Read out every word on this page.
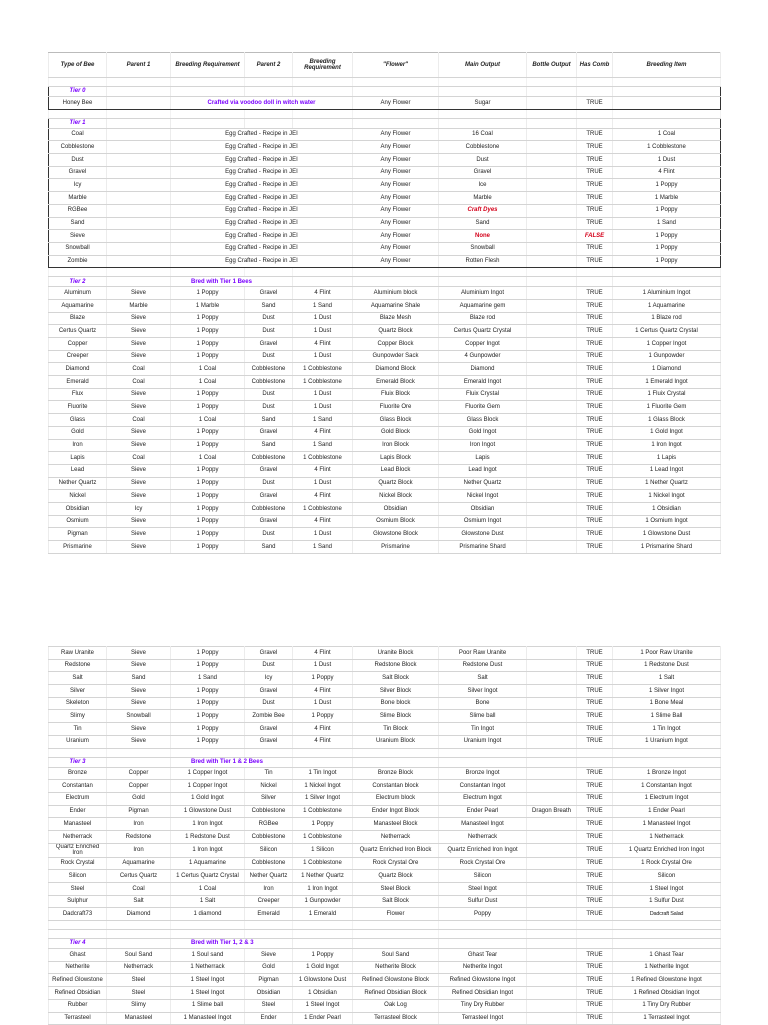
Type of Bee	Parent 1	Breeding Requirement	Parent 2	Breeding Requirement	"Flower"	Main Output	Bottle Output	Has Comb	Breeding Item

Tier 0									
Honey Bee		Crafted via voodoo doll in witch water			Any Flower	Sugar		TRUE	

Tier 1									
Coal		Egg Crafted - Recipe in JEI			Any Flower	16 Coal		TRUE	1 Coal
Cobblestone		Egg Crafted - Recipe in JEI			Any Flower	Cobblestone		TRUE	1 Cobblestone
Dust		Egg Crafted - Recipe in JEI			Any Flower	Dust		TRUE	1 Dust
Gravel		Egg Crafted - Recipe in JEI			Any Flower	Gravel		TRUE	4 Flint
Icy		Egg Crafted - Recipe in JEI			Any Flower	Ice		TRUE	1 Poppy
Marble		Egg Crafted - Recipe in JEI			Any Flower	Marble		TRUE	1 Marble
RGBee		Egg Crafted - Recipe in JEI			Any Flower	Craft Dyes		TRUE	1 Poppy
Sand		Egg Crafted - Recipe in JEI			Any Flower	Sand		TRUE	1 Sand
Sieve		Egg Crafted - Recipe in JEI			Any Flower	None		FALSE	1 Poppy
Snowball		Egg Crafted - Recipe in JEI			Any Flower	Snowball		TRUE	1 Poppy
Zombie		Egg Crafted - Recipe in JEI			Any Flower	Rotten Flesh		TRUE	1 Poppy

Tier 2		Bred with Tier 1 Bees							
Aluminum	Sieve	1 Poppy	Gravel	4 Flint	Aluminium block	Aluminium Ingot		TRUE	1 Aluminium Ingot
Aquamarine	Marble	1 Marble	Sand	1 Sand	Aquamarine Shale	Aquamarine gem		TRUE	1 Aquamarine
Blaze	Sieve	1 Poppy	Dust	1 Dust	Blaze Mesh	Blaze rod		TRUE	1 Blaze rod
Certus Quartz	Sieve	1 Poppy	Dust	1 Dust	Quartz Block	Certus Quartz Crystal		TRUE	1 Certus Quartz Crystal
Copper	Sieve	1 Poppy	Gravel	4 Flint	Copper Block	Copper Ingot		TRUE	1 Copper Ingot
Creeper	Sieve	1 Poppy	Dust	1 Dust	Gunpowder Sack	4 Gunpowder		TRUE	1 Gunpowder
Diamond	Coal	1 Coal	Cobblestone	1 Cobblestone	Diamond Block	Diamond		TRUE	1 Diamond
Emerald	Coal	1 Coal	Cobblestone	1 Cobblestone	Emerald Block	Emerald Ingot		TRUE	1 Emerald Ingot
Flux	Sieve	1 Poppy	Dust	1 Dust	Fluix Block	Fluix Crystal		TRUE	1 Fluix Crystal
Fluorite	Sieve	1 Poppy	Dust	1 Dust	Fluorite Ore	Fluorite Gem		TRUE	1 Fluorite Gem
Glass	Coal	1 Coal	Sand	1 Sand	Glass Block	Glass Block		TRUE	1 Glass Block
Gold	Sieve	1 Poppy	Gravel	4 Flint	Gold Block	Gold Ingot		TRUE	1 Gold Ingot
Iron	Sieve	1 Poppy	Sand	1 Sand	Iron Block	Iron Ingot		TRUE	1 Iron Ingot
Lapis	Coal	1 Coal	Cobblestone	1 Cobblestone	Lapis Block	Lapis		TRUE	1 Lapis
Lead	Sieve	1 Poppy	Gravel	4 Flint	Lead Block	Lead Ingot		TRUE	1 Lead Ingot
Nether Quartz	Sieve	1 Poppy	Dust	1 Dust	Quartz Block	Nether Quartz		TRUE	1 Nether Quartz
Nickel	Sieve	1 Poppy	Gravel	4 Flint	Nickel Block	Nickel Ingot		TRUE	1 Nickel Ingot
Obsidian	Icy	1 Poppy	Cobblestone	1 Cobblestone	Obsidian	Obsidian		TRUE	1 Obsidian
Osmium	Sieve	1 Poppy	Gravel	4 Flint	Osmium Block	Osmium Ingot		TRUE	1 Osmium Ingot
Pigman	Sieve	1 Poppy	Dust	1 Dust	Glowstone Block	Glowstone Dust		TRUE	1 Glowstone Dust
Prismarine	Sieve	1 Poppy	Sand	1 Sand	Prismarine	Prismarine Shard		TRUE	1 Prismarine Shard
Raw Uranite	Sieve	1 Poppy	Gravel	4 Flint	Uranite Block	Poor Raw Uranite		TRUE	1 Poor Raw Uranite
Redstone	Sieve	1 Poppy	Dust	1 Dust	Redstone Block	Redstone Dust		TRUE	1 Redstone Dust
Salt	Sand	1 Sand	Icy	1 Poppy	Salt Block	Salt		TRUE	1 Salt
Silver	Sieve	1 Poppy	Gravel	4 Flint	Silver Block	Silver Ingot		TRUE	1 Silver Ingot
Skeleton	Sieve	1 Poppy	Dust	1 Dust	Bone block	Bone		TRUE	1 Bone Meal
Slimy	Snowball	1 Poppy	Zombie Bee	1 Poppy	Slime Block	Slime ball		TRUE	1 Slime Ball
Tin	Sieve	1 Poppy	Gravel	4 Flint	Tin Block	Tin Ingot		TRUE	1 Tin Ingot
Uranium	Sieve	1 Poppy	Gravel	4 Flint	Uranium Block	Uranium Ingot		TRUE	1 Uranium Ingot

Tier 3		Bred with Tier 1 & 2 Bees							
Bronze	Copper	1 Copper Ingot	Tin	1 Tin Ingot	Bronze Block	Bronze Ingot		TRUE	1 Bronze Ingot
Constantan	Copper	1 Copper Ingot	Nickel	1 Nickel Ingot	Constantan block	Constantan Ingot		TRUE	1 Constantan Ingot
Electrum	Gold	1 Gold Ingot	Silver	1 Silver Ingot	Electrum block	Electrum Ingot		TRUE	1 Electrum Ingot
Ender	Pigman	1 Glowstone Dust	Cobblestone	1 Cobblestone	Ender Ingot Block	Ender Pearl	Dragon Breath	TRUE	1 Ender Pearl
Manasteel	Iron	1 Iron Ingot	RGBee	1 Poppy	Manasteel Block	Manasteel Ingot		TRUE	1 Manasteel Ingot
Netherrack	Redstone	1 Redstone Dust	Cobblestone	1 Cobblestone	Netherrack	Netherrack		TRUE	1 Netherrack
Quartz Enriched Iron	Iron	1 Iron Ingot	Silicon	1 Silicon	Quartz Enriched Iron Block	Quartz Enriched Iron Ingot		TRUE	1 Quartz Enriched Iron Ingot
Rock Crystal	Aquamarine	1 Aquamarine	Cobblestone	1 Cobblestone	Rock Crystal Ore	Rock Crystal Ore		TRUE	1 Rock Crystal Ore
Silicon	Certus Quartz	1 Certus Quartz Crystal	Nether Quartz	1 Nether Quartz	Quartz Block	Silicon		TRUE	Silicon
Steel	Coal	1 Coal	Iron	1 Iron Ingot	Steel Block	Steel Ingot		TRUE	1 Steel Ingot
Sulphur	Salt	1 Salt	Creeper	1 Gunpowder	Salt Block	Sulfur Dust		TRUE	1 Sulfur Dust
Dadcraft73	Diamond	1 diamond	Emerald	1 Emerald	Flower	Poppy		TRUE	Dadcraft Salad

Tier 4		Bred with Tier 1, 2 & 3							
Ghast	Soul Sand	1 Soul sand	Sieve	1 Poppy	Soul Sand	Ghast Tear		TRUE	1 Ghast Tear
Netherite	Netherrack	1 Netherrack	Gold	1 Gold Ingot	Netherite Block	Netherite Ingot		TRUE	1 Netherite Ingot
Refined Glowstone	Steel	1 Steel Ingot	Pigman	1 Glowstone Dust	Refined Glowstone Block	Refined Glowstone Ingot		TRUE	1 Refined Glowstone Ingot
Refined Obsidian	Steel	1 Steel Ingot	Obsidian	1 Obsidian	Refined Obsidian Block	Refined Obsidian Ingot		TRUE	1 Refined Obsidian Ingot
Rubber	Slimy	1 Slime ball	Steel	1 Steel Ingot	Oak Log	Tiny Dry Rubber		TRUE	1 Tiny Dry Rubber
Terrasteel	Manasteel	1 Manasteel Ingot	Ender	1 Ender Pearl	Terrasteel Block	Terrasteel Ingot		TRUE	1 Terrasteel Ingot
